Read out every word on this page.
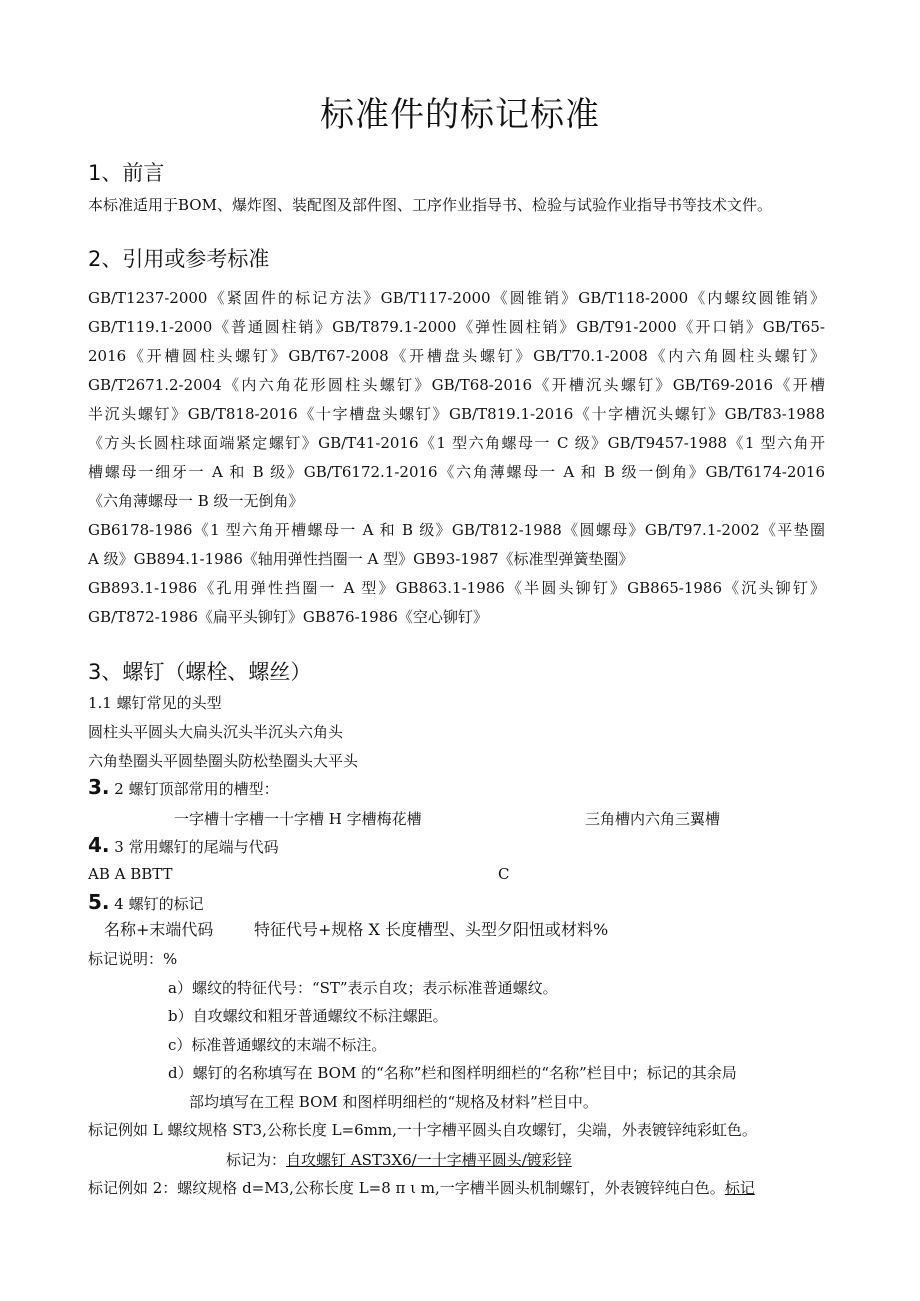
标准件的标记标准
1、前言
本标准适用于BOM、爆炸图、装配图及部件图、工序作业指导书、检验与试验作业指导书等技术文件。
2、引用或参考标准
GB/T1237-2000《紧固件的标记方法》GB/T117-2000《圆锥销》GB/T118-2000《内螺纹圆锥销》
GB/T119.1-2000《普通圆柱销》GB/T879.1-2000《弹性圆柱销》GB/T91-2000《开口销》GB/T65-
2016《开槽圆柱头螺钉》GB/T67-2008《开槽盘头螺钉》GB/T70.1-2008《内六角圆柱头螺钉》
GB/T2671.2-2004《内六角花形圆柱头螺钉》GB/T68-2016《开槽沉头螺钉》GB/T69-2016《开槽
半沉头螺钉》GB/T818-2016《十字槽盘头螺钉》GB/T819.1-2016《十字槽沉头螺钉》GB/T83-1988
《方头长圆柱球面端紧定螺钉》GB/T41-2016《1 型六角螺母一 C 级》GB/T9457-1988《1 型六角开
槽螺母一细牙一 A 和 B 级》GB/T6172.1-2016《六角薄螺母一 A 和 B 级一倒角》GB/T6174-2016
《六角薄螺母一 B 级一无倒角》
GB6178-1986《1 型六角开槽螺母一 A 和 B 级》GB/T812-1988《圆螺母》GB/T97.1-2002《平垫圈
A 级》GB894.1-1986《轴用弹性挡圈一 A 型》GB93-1987《标准型弹簧垫圈》
GB893.1-1986《孔用弹性挡圈一 A 型》GB863.1-1986《半圆头铆钉》GB865-1986《沉头铆钉》
GB/T872-1986《扁平头铆钉》GB876-1986《空心铆钉》
3、螺钉（螺栓、螺丝）
1.1 螺钉常见的头型
圆柱头平圆头大扁头沉头半沉头六角头
六角垫圈头平圆垫圈头防松垫圈头大平头
3. 2 螺钉顶部常用的槽型：
一字槽十字槽一十字槽 H 字槽梅花槽	三角槽内六角三翼槽
4. 3 常用螺钉的尾端与代码
AB A BBTT	C
5. 4 螺钉的标记
名称+末端代码	特征代号+规格 X 长度槽型、头型夕阳忸或材料%
标记说明：%
a）螺纹的特征代号：“ST”表示自攻；表示标准普通螺纹。
b）自攻螺纹和粗牙普通螺纹不标注螺距。
c）标准普通螺纹的末端不标注。
d）螺钉的名称填写在 BOM 的“名称”栏和图样明细栏的“名称”栏目中；标记的其余局
部均填写在工程 BOM 和图样明细栏的“规格及材料”栏目中。
标记例如 L 螺纹规格 ST3,公称长度 L=6mm,一十字槽平圆头自攻螺钉，尖端，外表镀锌纯彩虹色。
标记为：自攻螺钉 AST3X6/一十字槽平圆头/镀彩锌
标记例如 2：螺纹规格 d=M3,公称长度 L=8 π ι m,一字槽半圆头机制螺钉，外表镀锌纯白色。标记
